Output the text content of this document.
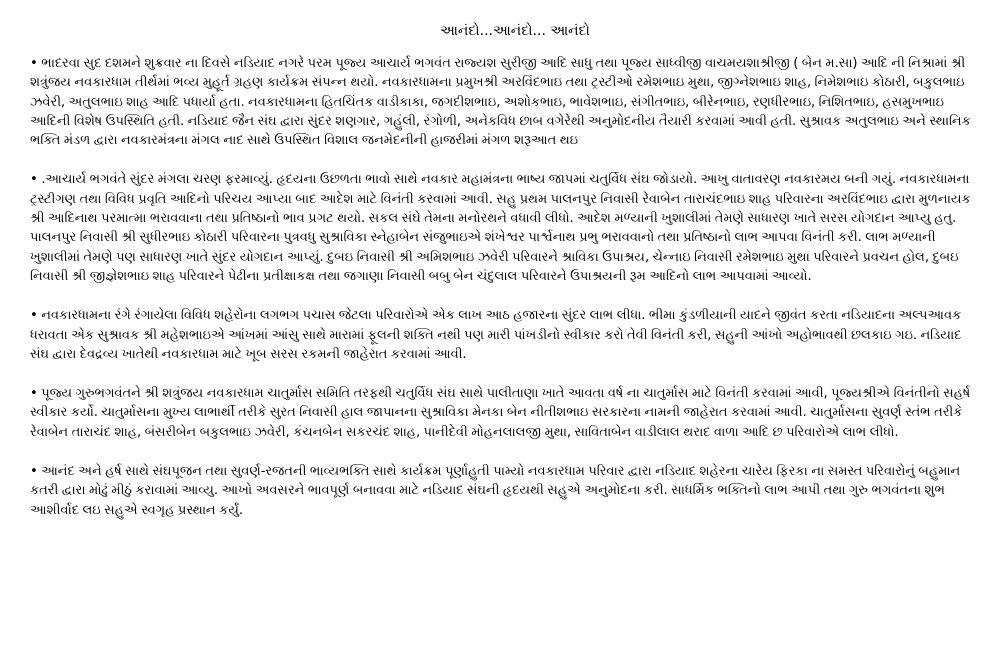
આનંદો...આનંદો... આનંદો
• ભાદરવા સુદ દશમને શુક્રવાર ના દિવસે નડિયાદ નગરે પરમ પૂજ્ય આચાર્ય ભગવંત રાજ્યશ સુરીજી આદિ સાધુ તથા પૂજ્ય સાધ્વીજી વાચમયશાશ્રીજી ( બેન મ.સા) આદિ ની નિશ્રામાં શ્રી શત્રુંજય નવકારધામ તીર્થમાં ભવ્ય મુહૂર્ત ગ્રહણ કાર્યક્રમ સંપન્ન થયો. નવકારધામના પ્રમુખશ્રી અરવિંદભાઇ તથા ટ્રસ્ટીઓ રમેશભાઇ મુથા, જીગ્નેશભાઇ શાહ, નિમેશભાઇ કોઠારી, બકુલભાઇ ઝવેરી, અતુલભાઇ શાહ આદિ પધાર્યા હતા. નવકારધામના હિતચિંતક વાડીકાકા, જગદીશભાઇ, અશોકભાઇ, ભાવેશભાઇ, સંગીતભાઇ, બીરેનભાઇ, રણધીરભાઇ, નિશિતભાઇ, હસમુખભાઇ આદિની વિશેષ ઉપસ્થિતિ હતી. નડિયાદ જૈન સંઘ દ્વારા સુંદર શણગાર, ગહુંલી, રંગોળી, અનેકવિધ છાબ વગેરેથી અનુમોદનીય તૈયારી કરવામાં આવી હતી. સુશ્રાવક અતુલભાઇ અને સ્થાનિક ભક્તિ મંડળ દ્વારા નવકારમંત્રના મંગલ નાદ સાથે ઉપસ્થિત વિશાલ જનમેદનીની હાજરીમાં મંગળ શરૂઆત થઇ
• .આચાર્ય ભગવંતે સુંદર મંગલા ચરણ ફરમાવ્યું. હૃદયના ઉછળતા ભાવો સાથે નવકાર મહામંત્રના ભાષ્ય જાપમાં ચતુર્વિધ સંઘ જોડાયો. આખુ વાતાવરણ નવકારમય બની ગયું. નવકારધામના ટ્રસ્ટીગણ તથા વિવિધ પ્રવૃતિ આદિનો પરિચય આપ્યા બાદ આદેશ માટે વિનંતી કરવામાં આવી. સહુ પ્રથમ પાલનપુર નિવાસી રેવાબેન તારાચંદભાઇ શાહ પરિવારના અરવિંદભાઇ દ્વારા મુળનાયક શ્રી આદિનાથ પરમાત્મા ભરાવવાના તથા પ્રતિષ્ઠાનો ભાવ પ્રગટ થયો. સકલ સંઘે તેમના મનોરથને વધાવી લીધો. આદેશ મળ્યાની ખુશાલીમાં તેમણે સાધારણ ખાતે સરસ યોગદાન આપ્યુ હતુ. પાલનપુર નિવાસી શ્રી સુધીરભાઇ કોઠારી પરિવારના પુત્રવધુ સુશ્રાવિકા સ્નેહાબેન સંજુભાઇએ શંખેશ્વર પાર્શ્વનાથ પ્રભુ ભરાવવાનો તથા પ્રતિષ્ઠાનો લાભ આપવા વિનંતી કરી. લાભ મળ્યાની ખુશાલીમાં તેમણે પણ સાધારણ ખાતે સુંદર યોગદાન આપ્યું. દુબઇ નિવાસી શ્રી અમિશભાઇ ઝવેરી પરિવારને શ્રાવિકા ઉપાશ્રય, ચેન્નાઇ નિવાસી રમેશભાઇ મુથા પરિવારને પ્રવચન હોલ, દુબઇ નિવાસી શ્રી જીજ્ઞેશભાઇ શાહ પરિવારને પેઢીના પ્રતીક્ષાકક્ષ તથા જગાણા નિવાસી બબુ બેન ચંદુલાલ પરિવારને ઉપાશ્રયની રૂમ આદિનો લાભ આપવામાં આવ્યો.
• નવકારધામના રંગે રંગાયેલા વિવિધ શહેરોના લગભગ પચાસ જેટલા પરિવારોએ એક લાખ આઠ હજારના સુંદર લાભ લીધા. ભીમા કુંડળીયાની યાદને જીવંત કરતા નડિયાદના અલ્પઆવક ધરાવતા એક સુશ્રાવક શ્રી મહેશભાઇએ આંખમાં આંસુ સાથે મારામાં ફૂલની શક્તિ નથી પણ મારી પાંખડીનો સ્વીકાર કરો તેવી વિનંતી કરી, સહુની આંખો અહોભાવથી છલકાઇ ગઇ. નડિયાદ સંઘ દ્વારા દેવદ્રવ્ય ખાતેથી નવકારધામ માટે ખૂબ સરસ રકમની જાહેરાત કરવામાં આવી.
• પૂજ્ય ગુરુભગવંતને શ્રી શત્રુંજય નવકારધામ ચાતુર્માસ સમિતિ તરફથી ચતુર્વિધ સંઘ સાથે પાલીતાણા ખાતે આવતા વર્ષ ના ચાતુર્માસ માટે વિનંતી કરવામાં આવી, પૂજ્યશ્રીએ વિનંતીનો સહર્ષ સ્વીકાર કર્યો. ચાતુર્માસના મુખ્ય લાભાર્થી તરીકે સુરત નિવાસી હાલ જાપાનના સુશ્રાવિકા મેનકા બેન નીતીશભાઇ સરકારના નામની જાહેરાત કરવામાં આવી. ચાતુર્માસના સુવર્ણ સ્તંભ તરીકે રેવાબેન તારાચંદ શાહ, બંસરીબેન બકુલભાઇ ઝવેરી, કંચનબેન સકરચંદ શાહ, પાનીદેવી મોહનલાલજી મુથા, સાવિતાબેન વાડીલાલ થરાદ વાળા આદિ છ પરિવારોએ લાભ લીધો.
• આનંદ અને હર્ષ સાથે સંઘપૂજન તથા સુવર્ણ-રજતની ભાવ્યભક્તિ સાથે કાર્યક્રમ પૂર્ણાહુતી પામ્યો નવકારધામ પરિવાર દ્વારા નડિયાદ શહેરના ચારેય ફિરકા ના સમસ્ત પરિવારોનું બહુમાન કતરી દ્વારા મોઢું મીઠું કરાવામાં આવ્યુ. આખો અવસરને ભાવપૂર્ણ બનાવવા માટે નડિયાદ સંઘની હૃદયથી સહુએ અનુમોદના કરી. સાધર્મિક ભક્તિનો લાભ આપી તથા ગુરુ ભગવંતના શુભ આશીર્વાદ લઇ સહુએ સ્વગૃહ પ્રસ્થાન કર્યું.
